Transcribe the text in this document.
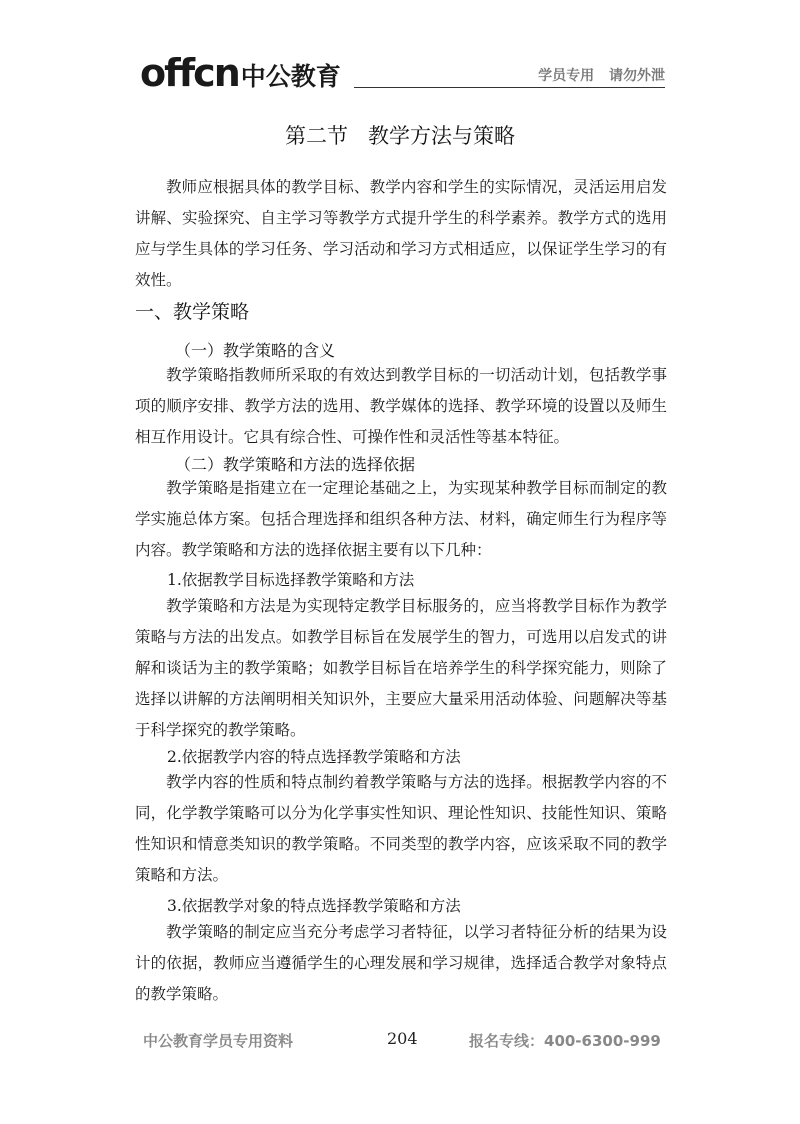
offcn 中公教育	学员专用 请勿外泄
第二节 教学方法与策略

教师应根据具体的教学目标、教学内容和学生的实际情况，灵活运用启发讲解、实验探究、自主学习等教学方式提升学生的科学素养。教学方式的选用应与学生具体的学习任务、学习活动和学习方式相适应，以保证学生学习的有效性。

一、教学策略
（一）教学策略的含义

教学策略指教师所采取的有效达到教学目标的一切活动计划，包括教学事项的顺序安排、教学方法的选用、教学媒体的选择、教学环境的设置以及师生相互作用设计。它具有综合性、可操作性和灵活性等基本特征。

（二）教学策略和方法的选择依据

教学策略是指建立在一定理论基础之上，为实现某种教学目标而制定的教学实施总体方案。包括合理选择和组织各种方法、材料，确定师生行为程序等内容。教学策略和方法的选择依据主要有以下几种：

1.依据教学目标选择教学策略和方法

教学策略和方法是为实现特定教学目标服务的，应当将教学目标作为教学策略与方法的出发点。如教学目标旨在发展学生的智力，可选用以启发式的讲解和谈话为主的教学策略；如教学目标旨在培养学生的科学探究能力，则除了选择以讲解的方法阐明相关知识外，主要应大量采用活动体验、问题解决等基于科学探究的教学策略。

2.依据教学内容的特点选择教学策略和方法

教学内容的性质和特点制约着教学策略与方法的选择。根据教学内容的不同，化学教学策略可以分为化学事实性知识、理论性知识、技能性知识、策略性知识和情意类知识的教学策略。不同类型的教学内容，应该采取不同的教学策略和方法。

3.依据教学对象的特点选择教学策略和方法

教学策略的制定应当充分考虑学习者特征，以学习者特征分析的结果为设计的依据，教师应当遵循学生的心理发展和学习规律，选择适合教学对象特点的教学策略。

中公教育学员专用资料	204	报名专线：400-6300-999
